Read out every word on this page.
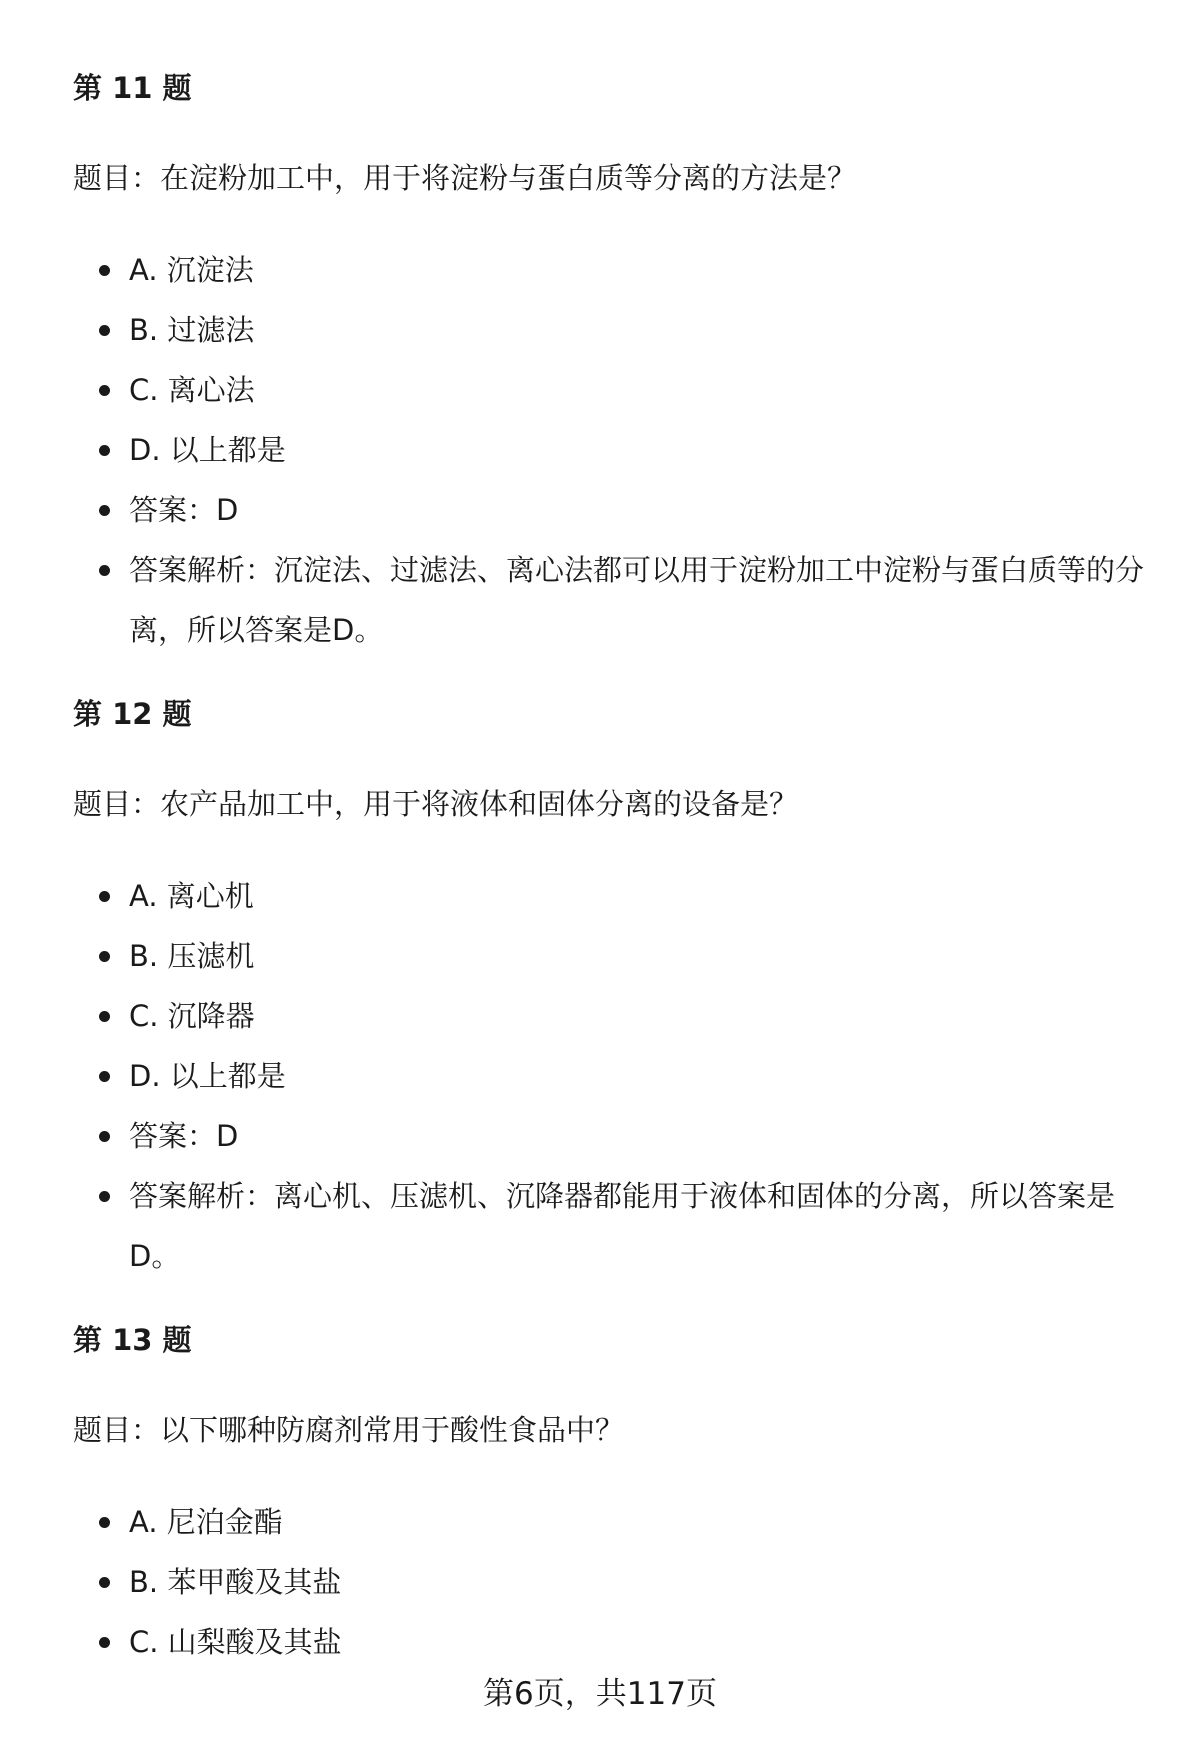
第 11 题

题目：在淀粉加工中，用于将淀粉与蛋白质等分离的方法是？

A. 沉淀法
B. 过滤法
C. 离心法
D. 以上都是
答案：D
答案解析：沉淀法、过滤法、离心法都可以用于淀粉加工中淀粉与蛋白质等的分离，所以答案是D。
第 12 题

题目：农产品加工中，用于将液体和固体分离的设备是？

A. 离心机
B. 压滤机
C. 沉降器
D. 以上都是
答案：D
答案解析：离心机、压滤机、沉降器都能用于液体和固体的分离，所以答案是D。
第 13 题

题目：以下哪种防腐剂常用于酸性食品中？

A. 尼泊金酯
B. 苯甲酸及其盐
C. 山梨酸及其盐
第6页，共117页
